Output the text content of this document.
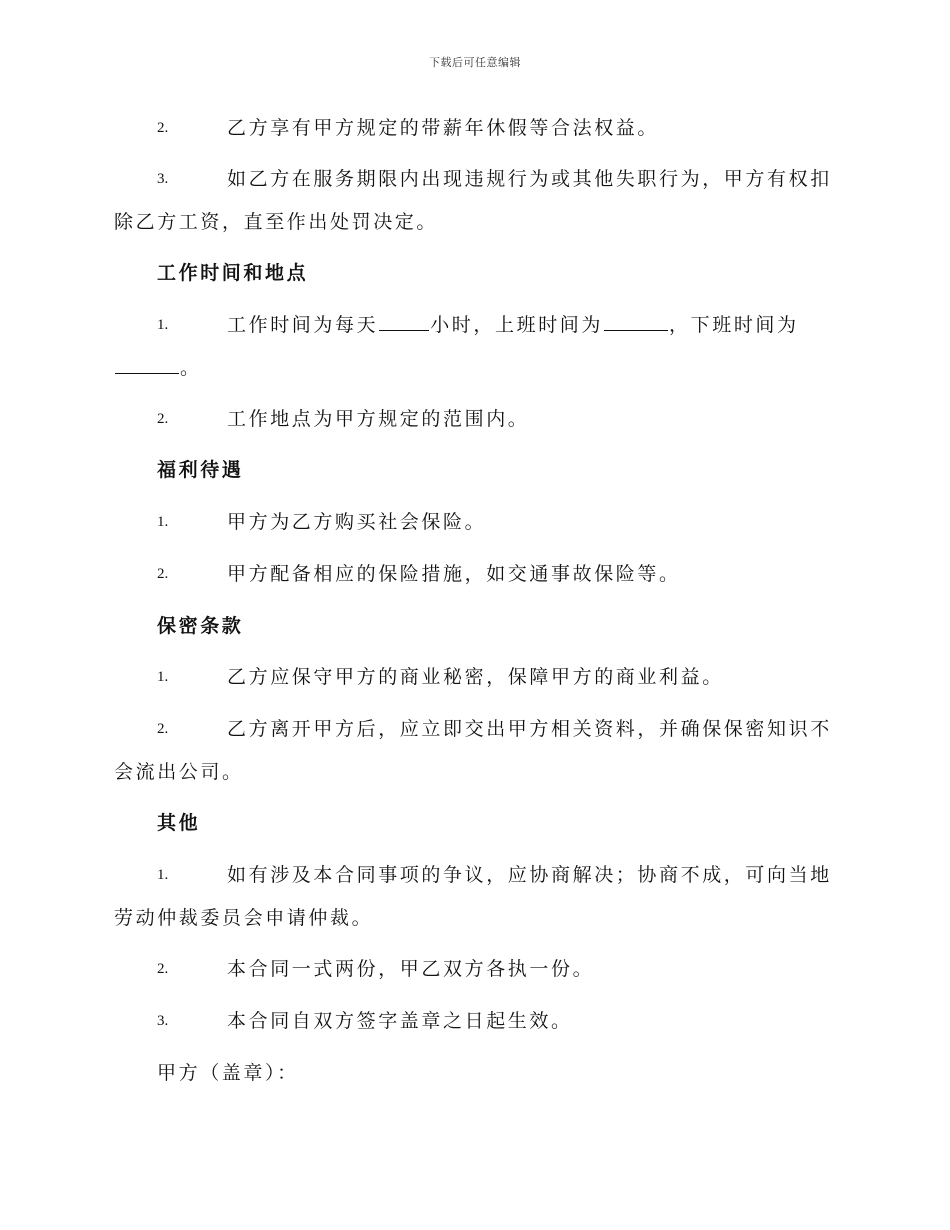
下载后可任意编辑
2.	乙方享有甲方规定的带薪年休假等合法权益。
3.	如乙方在服务期限内出现违规行为或其他失职行为，甲方有权扣
除乙方工资，直至作出处罚决定。
工作时间和地点
1.	工作时间为每天	小时，上班时间为	，下班时间为
。
2.	工作地点为甲方规定的范围内。
福利待遇
1.	甲方为乙方购买社会保险。
2.	甲方配备相应的保险措施，如交通事故保险等。
保密条款
1.	乙方应保守甲方的商业秘密，保障甲方的商业利益。
2.	乙方离开甲方后，应立即交出甲方相关资料，并确保保密知识不
会流出公司。
其他
1.	如有涉及本合同事项的争议，应协商解决；协商不成，可向当地
劳动仲裁委员会申请仲裁。
2.	本合同一式两份，甲乙双方各执一份。
3.	本合同自双方签字盖章之日起生效。
甲方（盖章）：
